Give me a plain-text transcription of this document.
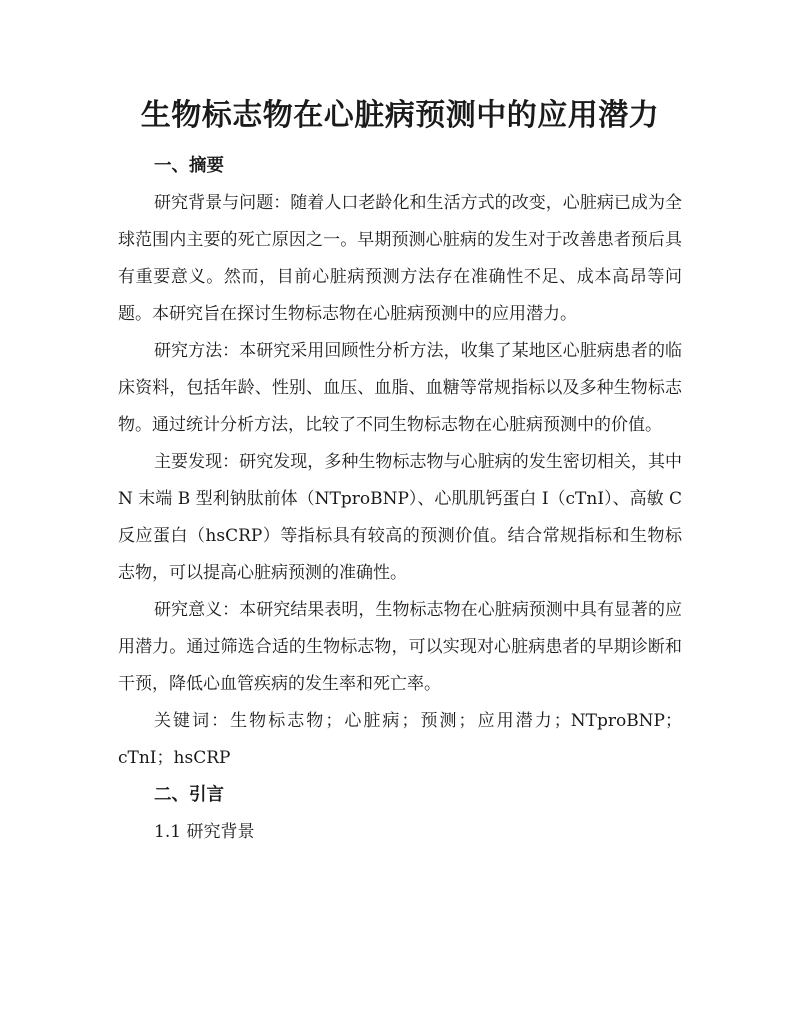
生物标志物在心脏病预测中的应用潜力

一、摘要

研究背景与问题：随着人口老龄化和生活方式的改变，心脏病已成为全球范围内主要的死亡原因之一。早期预测心脏病的发生对于改善患者预后具有重要意义。然而，目前心脏病预测方法存在准确性不足、成本高昂等问题。本研究旨在探讨生物标志物在心脏病预测中的应用潜力。

研究方法：本研究采用回顾性分析方法，收集了某地区心脏病患者的临床资料，包括年龄、性别、血压、血脂、血糖等常规指标以及多种生物标志物。通过统计分析方法，比较了不同生物标志物在心脏病预测中的价值。

主要发现：研究发现，多种生物标志物与心脏病的发生密切相关，其中 N 末端 B 型利钠肽前体（NTproBNP）、心肌肌钙蛋白 I（cTnI）、高敏 C 反应蛋白（hsCRP）等指标具有较高的预测价值。结合常规指标和生物标志物，可以提高心脏病预测的准确性。

研究意义：本研究结果表明，生物标志物在心脏病预测中具有显著的应用潜力。通过筛选合适的生物标志物，可以实现对心脏病患者的早期诊断和干预，降低心血管疾病的发生率和死亡率。

关键词：生物标志物；心脏病；预测；应用潜力；NTproBNP；cTnI；hsCRP

二、引言

1.1 研究背景
